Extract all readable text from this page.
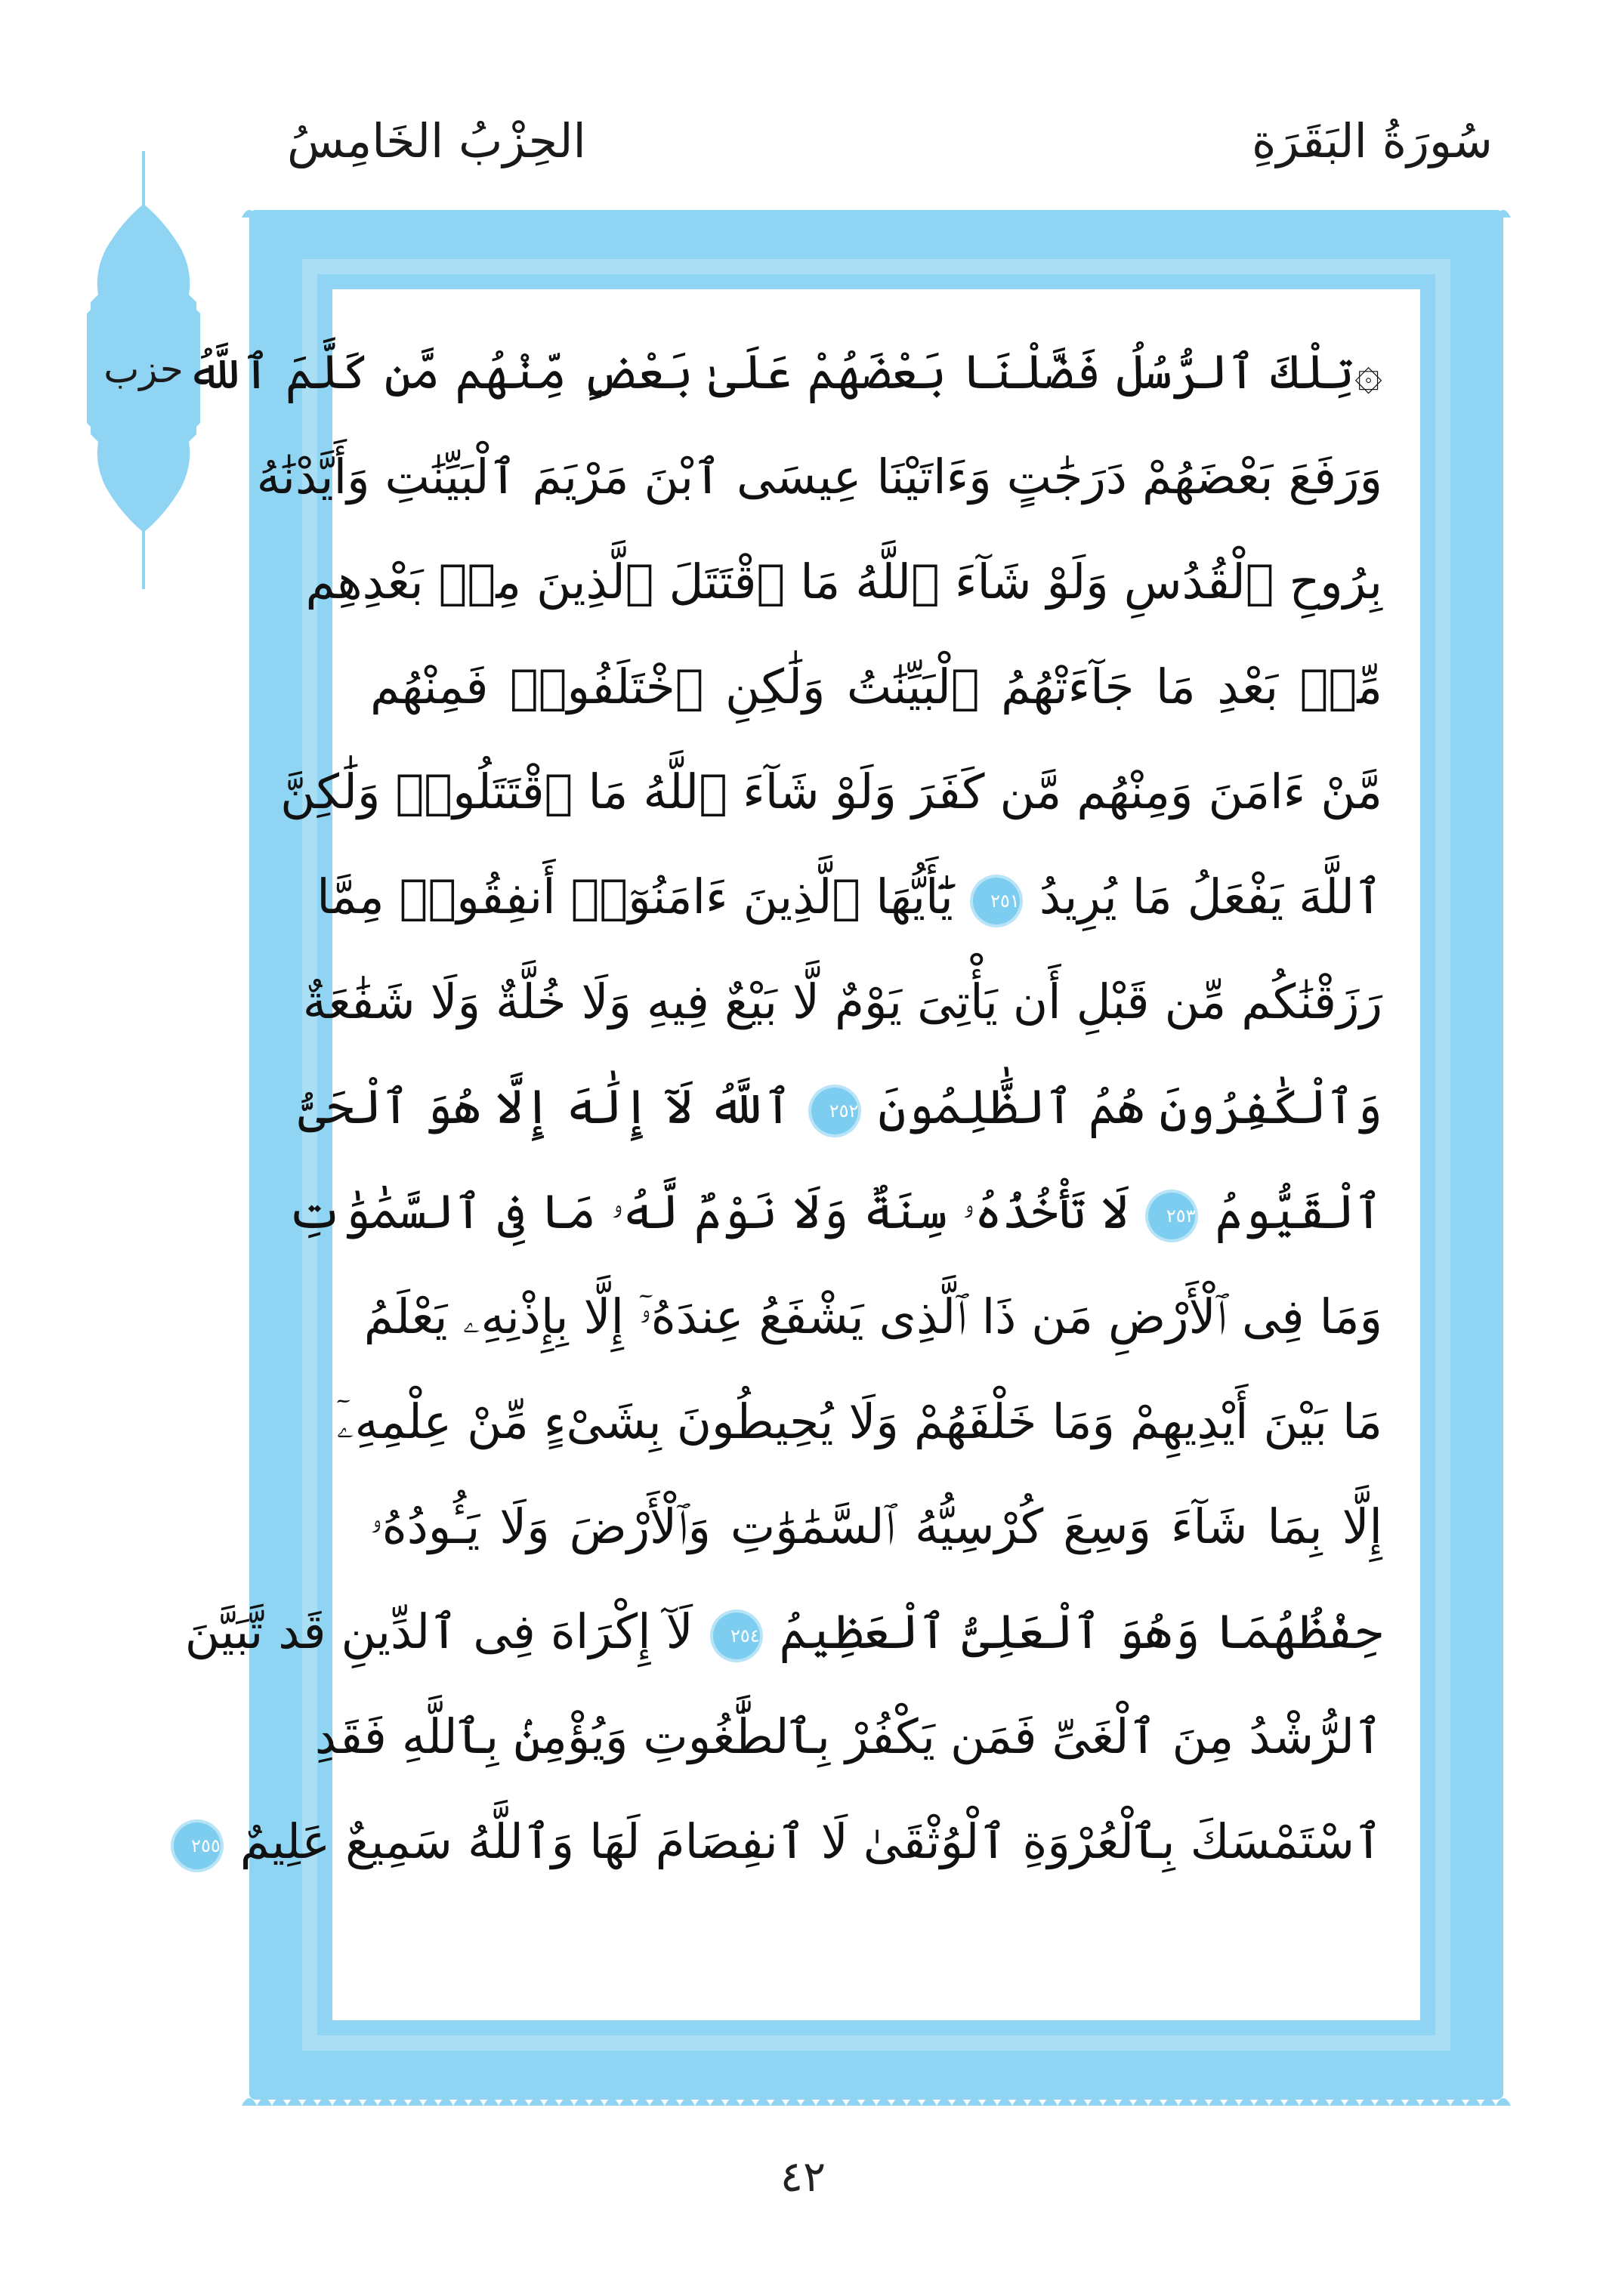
سُورَةُ البَقَرَةِ
الحِزْبُ الخَامِسُ
حزب ۞تِلْكَ ٱلرُّسُلُ فَضَّلْنَا بَعْضَهُمْ عَلَىٰ بَعْضٍ مِّنْهُم مَّن كَلَّمَ ٱللَّهُ
وَرَفَعَ بَعْضَهُمْ دَرَجَٰتٍ وَءَاتَيْنَا عِيسَى ٱبْنَ مَرْيَمَ ٱلْبَيِّنَٰتِ وَأَيَّدْنَٰهُ
بِرُوحِ ٱلْقُدُسِ وَلَوْ شَآءَ ٱللَّهُ مَا ٱقْتَتَلَ ٱلَّذِينَ مِنۢ بَعْدِهِم
مِّنۢ بَعْدِ مَا جَآءَتْهُمُ ٱلْبَيِّنَٰتُ وَلَٰكِنِ ٱخْتَلَفُوا۟ فَمِنْهُم
مَّنْ ءَامَنَ وَمِنْهُم مَّن كَفَرَ وَلَوْ شَآءَ ٱللَّهُ مَا ٱقْتَتَلُوا۟ وَلَٰكِنَّ
ٱللَّهَ يَفْعَلُ مَا يُرِيدُ ٢٥١ يَٰٓأَيُّهَا ٱلَّذِينَ ءَامَنُوٓا۟ أَنفِقُوا۟ مِمَّا
رَزَقْنَٰكُم مِّن قَبْلِ أَن يَأْتِىَ يَوْمٌ لَّا بَيْعٌ فِيهِ وَلَا خُلَّةٌ وَلَا شَفَٰعَةٌ
وَٱلْكَٰفِرُونَ هُمُ ٱلظَّٰلِمُونَ ٢٥٢ ٱللَّهُ لَآ إِلَٰهَ إِلَّا هُوَ ٱلْحَىُّ
ٱلْقَيُّومُ ٢٥٣ لَا تَأْخُذُهُۥ سِنَةٌ وَلَا نَوْمٌ لَّهُۥ مَا فِى ٱلسَّمَٰوَٰتِ
وَمَا فِى ٱلْأَرْضِ مَن ذَا ٱلَّذِى يَشْفَعُ عِندَهُۥٓ إِلَّا بِإِذْنِهِۦ يَعْلَمُ
مَا بَيْنَ أَيْدِيهِمْ وَمَا خَلْفَهُمْ وَلَا يُحِيطُونَ بِشَىْءٍ مِّنْ عِلْمِهِۦٓ
إِلَّا بِمَا شَآءَ وَسِعَ كُرْسِيُّهُ ٱلسَّمَٰوَٰتِ وَٱلْأَرْضَ وَلَا يَـُٔودُهُۥ
حِفْظُهُمَا وَهُوَ ٱلْعَلِىُّ ٱلْعَظِيمُ ٢٥٤ لَآ إِكْرَاهَ فِى ٱلدِّينِ قَد تَّبَيَّنَ
ٱلرُّشْدُ مِنَ ٱلْغَىِّ فَمَن يَكْفُرْ بِٱلطَّٰغُوتِ وَيُؤْمِنۢ بِٱللَّهِ فَقَدِ
ٱسْتَمْسَكَ بِٱلْعُرْوَةِ ٱلْوُثْقَىٰ لَا ٱنفِصَامَ لَهَا وَٱللَّهُ سَمِيعٌ عَلِيمٌ ٢٥٥
٤٢
